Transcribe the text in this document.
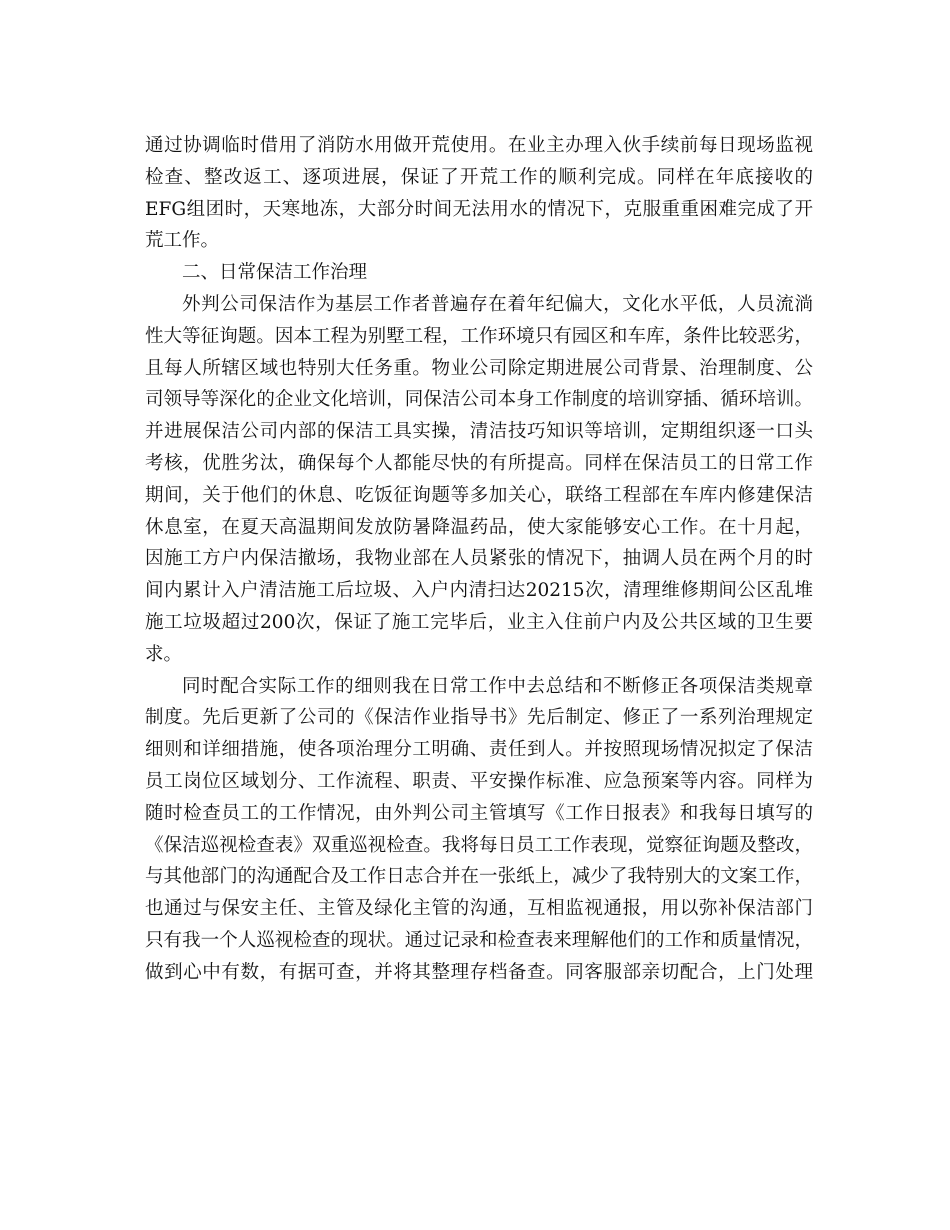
通过协调临时借用了消防水用做开荒使用。在业主办理入伙手续前每日现场监视
检查、整改返工、逐项进展，保证了开荒工作的顺利完成。同样在年底接收的
EFG组团时，天寒地冻，大部分时间无法用水的情况下，克服重重困难完成了开
荒工作。
二、日常保洁工作治理
外判公司保洁作为基层工作者普遍存在着年纪偏大，文化水平低，人员流淌
性大等征询题。因本工程为别墅工程，工作环境只有园区和车库，条件比较恶劣，
且每人所辖区域也特别大任务重。物业公司除定期进展公司背景、治理制度、公
司领导等深化的企业文化培训，同保洁公司本身工作制度的培训穿插、循环培训。
并进展保洁公司内部的保洁工具实操，清洁技巧知识等培训，定期组织逐一口头
考核，优胜劣汰，确保每个人都能尽快的有所提高。同样在保洁员工的日常工作
期间，关于他们的休息、吃饭征询题等多加关心，联络工程部在车库内修建保洁
休息室，在夏天高温期间发放防暑降温药品，使大家能够安心工作。在十月起，
因施工方户内保洁撤场，我物业部在人员紧张的情况下，抽调人员在两个月的时
间内累计入户清洁施工后垃圾、入户内清扫达20215次，清理维修期间公区乱堆
施工垃圾超过200次，保证了施工完毕后，业主入住前户内及公共区域的卫生要
求。
同时配合实际工作的细则我在日常工作中去总结和不断修正各项保洁类规章
制度。先后更新了公司的《保洁作业指导书》先后制定、修正了一系列治理规定
细则和详细措施，使各项治理分工明确、责任到人。并按照现场情况拟定了保洁
员工岗位区域划分、工作流程、职责、平安操作标准、应急预案等内容。同样为
随时检查员工的工作情况，由外判公司主管填写《工作日报表》和我每日填写的
《保洁巡视检查表》双重巡视检查。我将每日员工工作表现，觉察征询题及整改，
与其他部门的沟通配合及工作日志合并在一张纸上，减少了我特别大的文案工作，
也通过与保安主任、主管及绿化主管的沟通，互相监视通报，用以弥补保洁部门
只有我一个人巡视检查的现状。通过记录和检查表来理解他们的工作和质量情况，
做到心中有数，有据可查，并将其整理存档备查。同客服部亲切配合，上门处理
